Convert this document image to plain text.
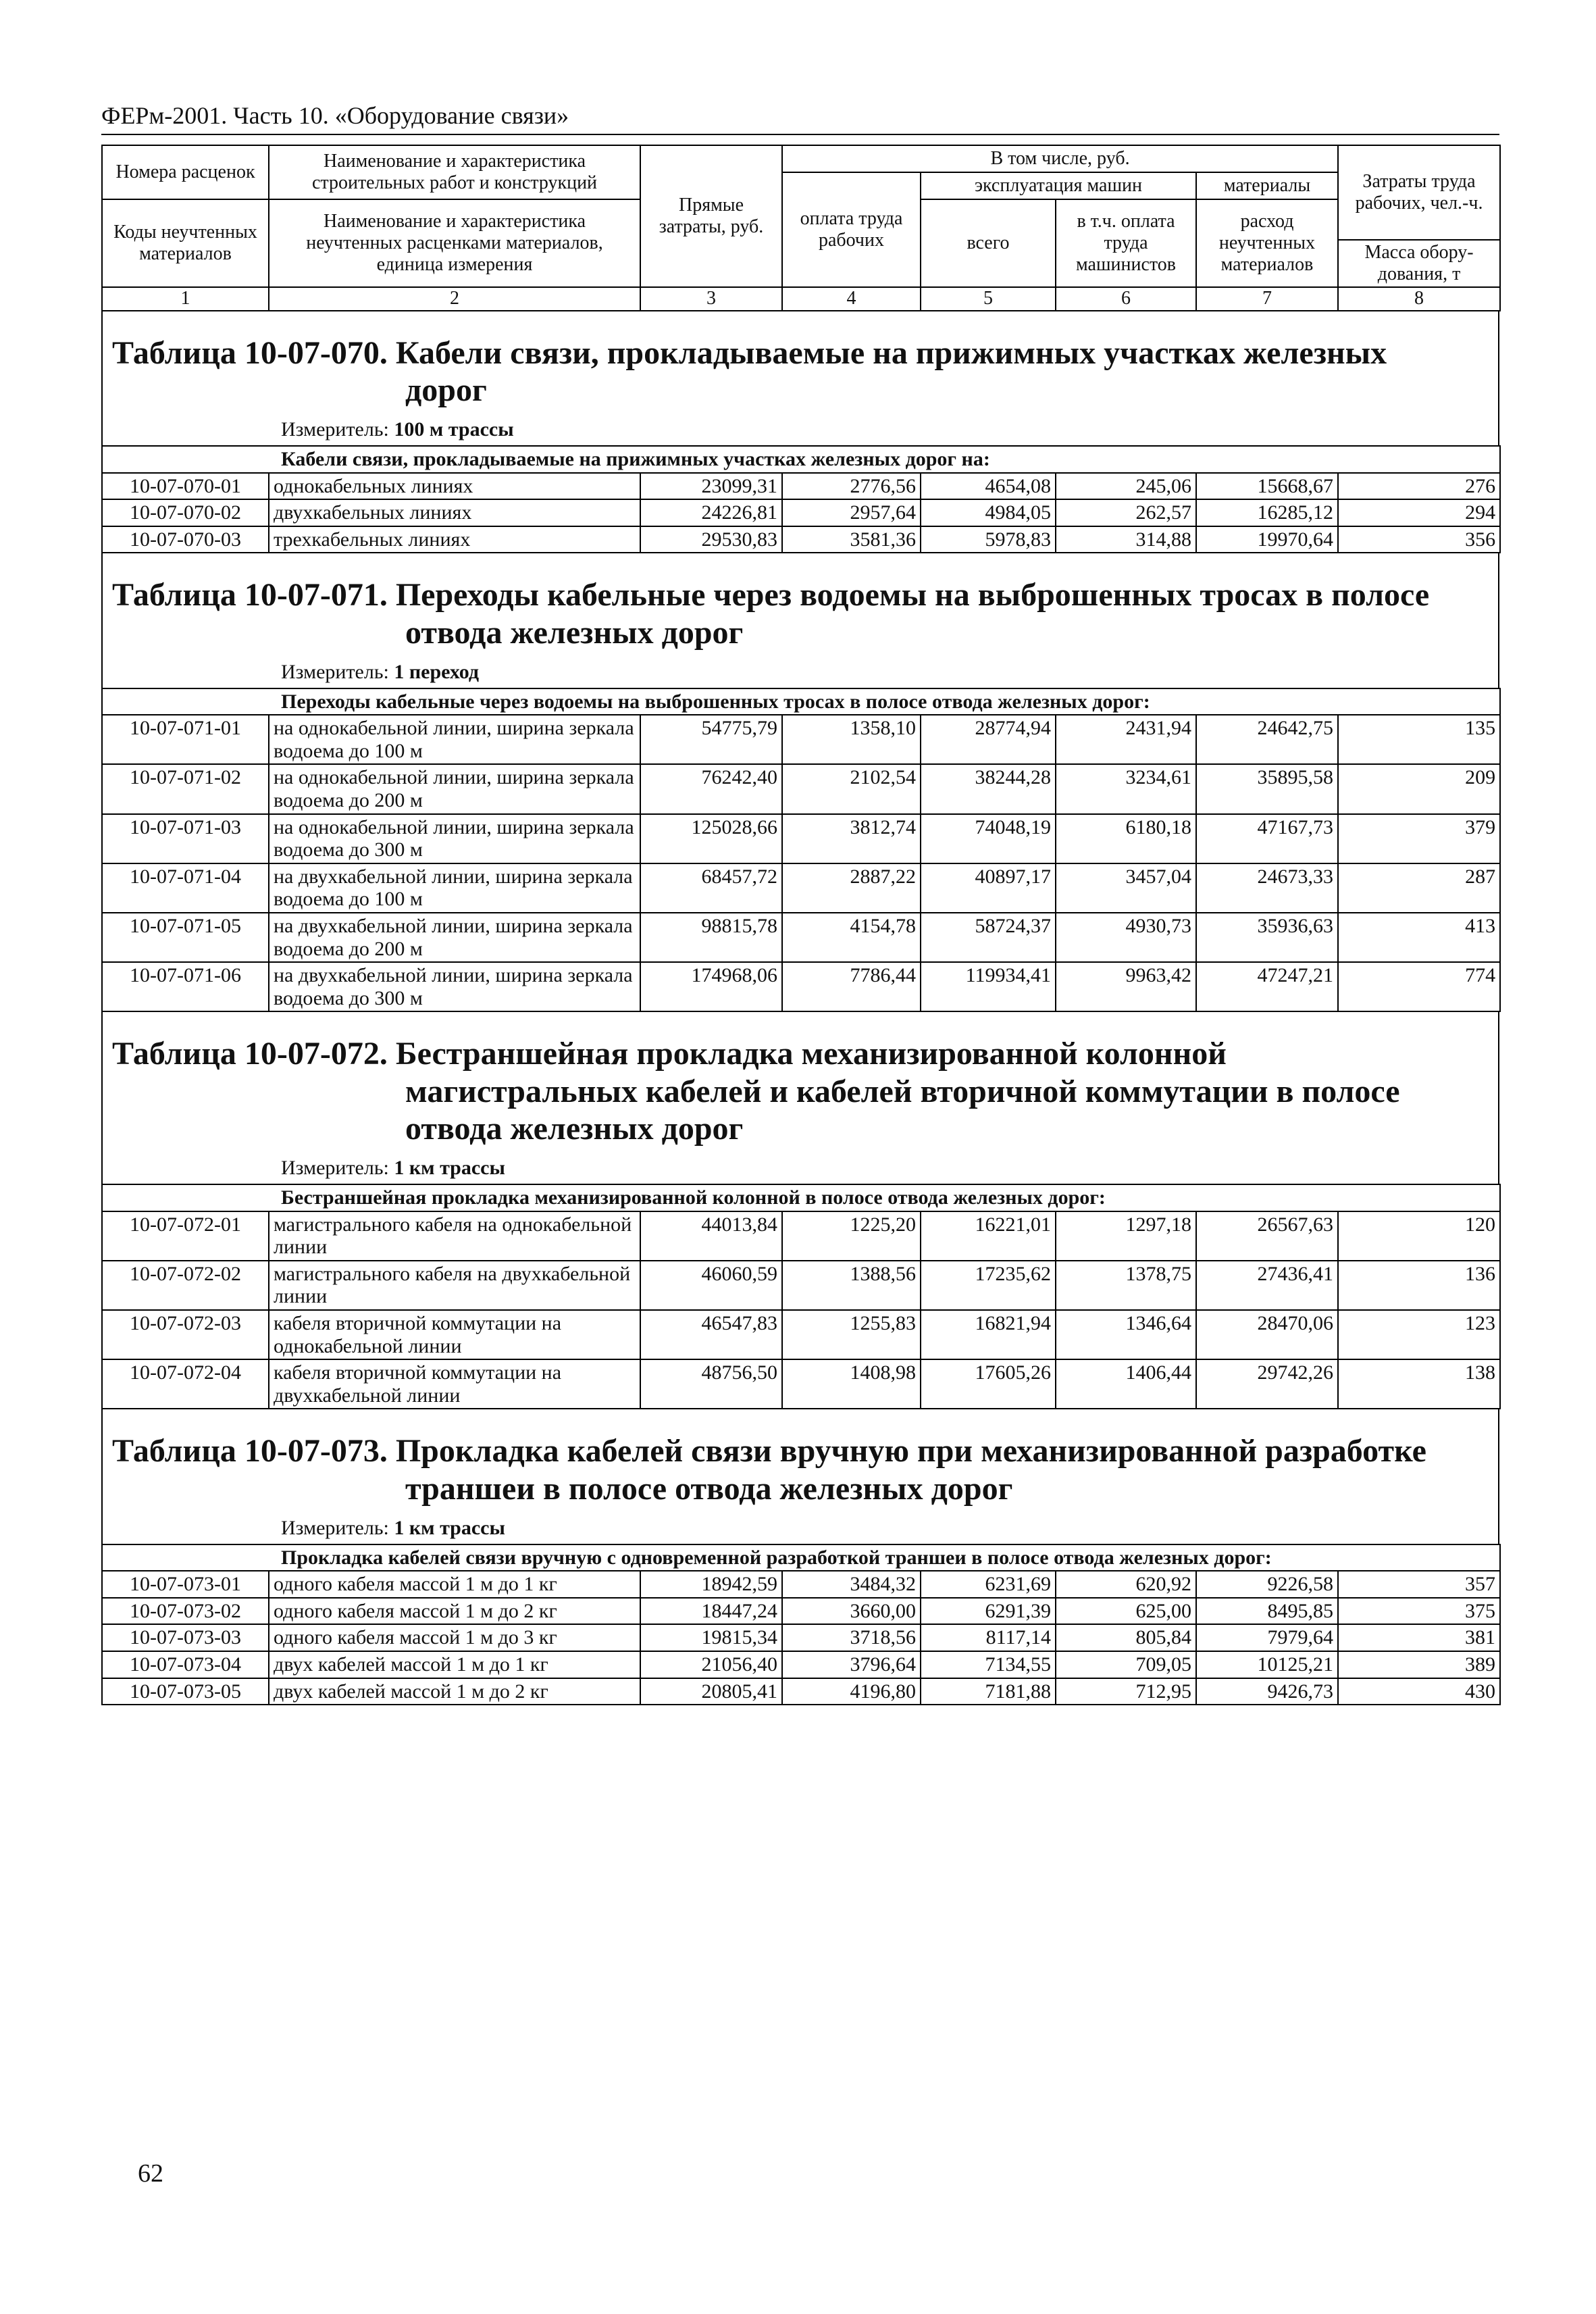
ФЕРм-2001. Часть 10. «Оборудование связи»
Номера расценок	Наименование и характеристика строительных работ и конструкций	Прямые затраты, руб.	В том числе, руб.				Затраты труда рабочих, чел.-ч.
			оплата труда рабочих	эксплуатация машин		материалы	
Коды неучтенных материалов	Наименование и характеристика неучтенных расценками материалов, единица измерения			всего	в т.ч. оплата труда машинистов	расход неучтенных материалов	
							Масса обору-дования, т
1	2	3	4	5	6	7	8
Таблица 10-07-070. Кабели связи, прокладываемые на прижимных участках железных
дорог
Измеритель: 100 м трассы
Кабели связи, прокладываемые на прижимных участках железных дорог на:							
10-07-070-01	однокабельных линиях	23099,31	2776,56	4654,08	245,06	15668,67	276
10-07-070-02	двухкабельных линиях	24226,81	2957,64	4984,05	262,57	16285,12	294
10-07-070-03	трехкабельных линиях	29530,83	3581,36	5978,83	314,88	19970,64	356
Таблица 10-07-071. Переходы кабельные через водоемы на выброшенных тросах в полосе
отвода железных дорог
Измеритель: 1 переход
Переходы кабельные через водоемы на выброшенных тросах в полосе отвода железных дорог:							
10-07-071-01	на однокабельной линии, ширина зеркала водоема до 100 м	54775,79	1358,10	28774,94	2431,94	24642,75	135
10-07-071-02	на однокабельной линии, ширина зеркала водоема до 200 м	76242,40	2102,54	38244,28	3234,61	35895,58	209
10-07-071-03	на однокабельной линии, ширина зеркала водоема до 300 м	125028,66	3812,74	74048,19	6180,18	47167,73	379
10-07-071-04	на двухкабельной линии, ширина зеркала водоема до 100 м	68457,72	2887,22	40897,17	3457,04	24673,33	287
10-07-071-05	на двухкабельной линии, ширина зеркала водоема до 200 м	98815,78	4154,78	58724,37	4930,73	35936,63	413
10-07-071-06	на двухкабельной линии, ширина зеркала водоема до 300 м	174968,06	7786,44	119934,41	9963,42	47247,21	774
Таблица 10-07-072. Бестраншейная прокладка механизированной колонной
магистральных кабелей и кабелей вторичной коммутации в полосе
отвода железных дорог
Измеритель: 1 км трассы
Бестраншейная прокладка механизированной колонной в полосе отвода железных дорог:							
10-07-072-01	магистрального кабеля на однокабельной линии	44013,84	1225,20	16221,01	1297,18	26567,63	120
10-07-072-02	магистрального кабеля на двухкабельной линии	46060,59	1388,56	17235,62	1378,75	27436,41	136
10-07-072-03	кабеля вторичной коммутации на однокабельной линии	46547,83	1255,83	16821,94	1346,64	28470,06	123
10-07-072-04	кабеля вторичной коммутации на двухкабельной линии	48756,50	1408,98	17605,26	1406,44	29742,26	138
Таблица 10-07-073. Прокладка кабелей связи вручную при механизированной разработке
траншеи в полосе отвода железных дорог
Измеритель: 1 км трассы
Прокладка кабелей связи вручную с одновременной разработкой траншеи в полосе отвода железных дорог:							
10-07-073-01	одного кабеля массой 1 м до 1 кг	18942,59	3484,32	6231,69	620,92	9226,58	357
10-07-073-02	одного кабеля массой 1 м до 2 кг	18447,24	3660,00	6291,39	625,00	8495,85	375
10-07-073-03	одного кабеля массой 1 м до 3 кг	19815,34	3718,56	8117,14	805,84	7979,64	381
10-07-073-04	двух кабелей массой 1 м до 1 кг	21056,40	3796,64	7134,55	709,05	10125,21	389
10-07-073-05	двух кабелей массой 1 м до 2 кг	20805,41	4196,80	7181,88	712,95	9426,73	430
62
